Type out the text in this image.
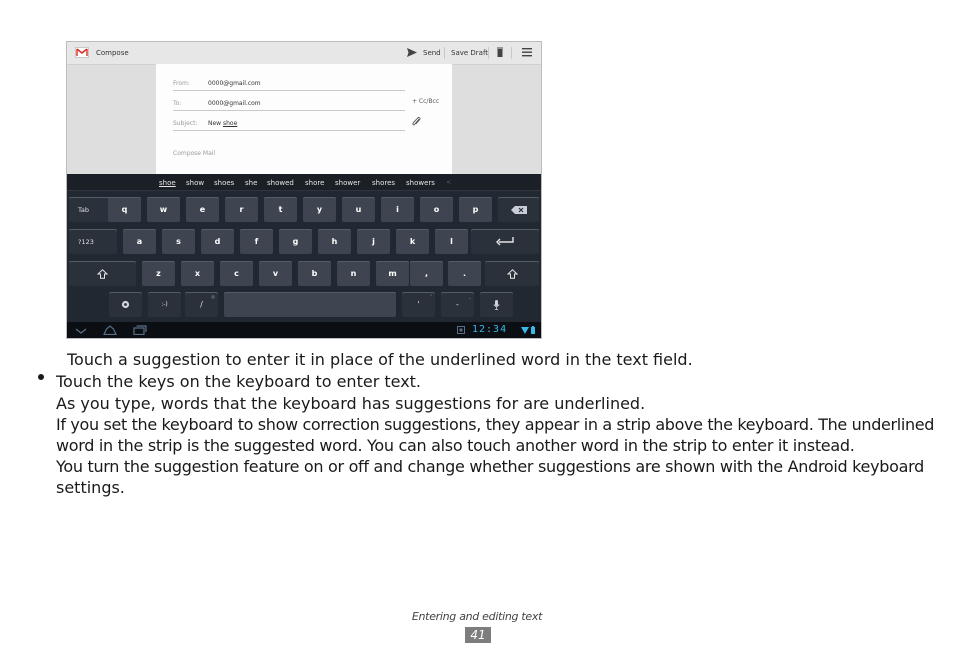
Compose	Send Save Draft
From:	0000@gmail.com
To:	0000@gmail.com
Subject: New shoe
Compose Mail
+ Cc/Bcc
shoe show shoes she showed shore shower shores showers <
Tab	q	w	e	r	t	y	u	i	o	p
?123	a	s	d	f	g	h	j	k	l
z	x	c	v	b	n	m	,	.
:-)	/
@
'
"
-
_
12:34
Touch a suggestion to enter it in place of the underlined word in the text field.
Touch the keys on the keyboard to enter text.
As you type, words that the keyboard has suggestions for are underlined.
If you set the keyboard to show correction suggestions, they appear in a strip above the keyboard. The underlined
word in the strip is the suggested word. You can also touch another word in the strip to enter it instead.
You turn the suggestion feature on or off and change whether suggestions are shown with the Android keyboard
settings.
Entering and editing text
41
